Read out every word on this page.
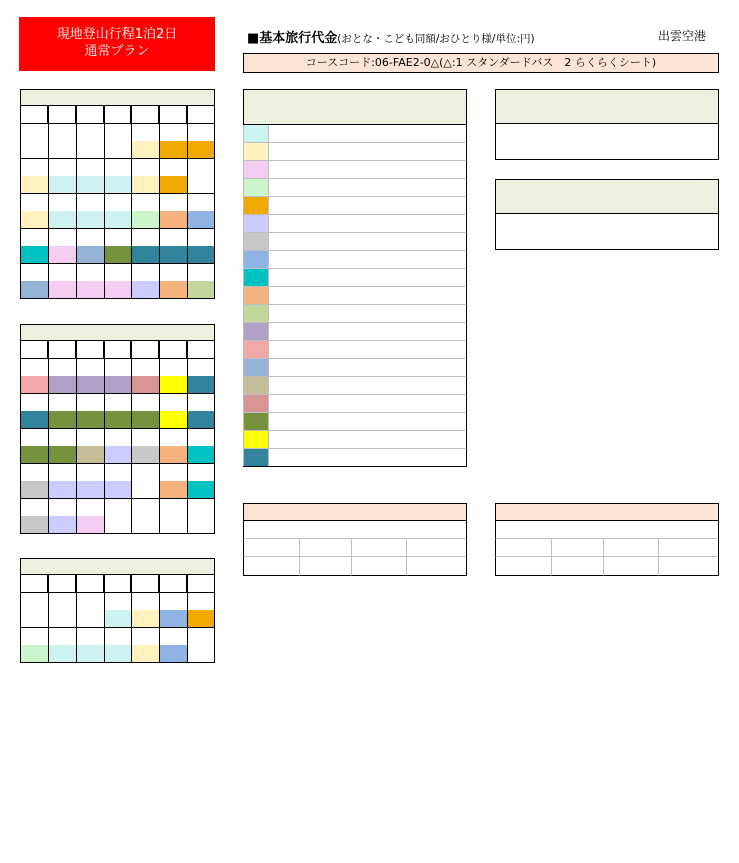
現地登山行程1泊2日
通常プラン
■基本旅行代金(おとな・こども同額/おひとり様/単位:円)	出雲空港
コースコード:06-FAE2-0△(△:1 スタンダードバス　2 らくらくシート)
